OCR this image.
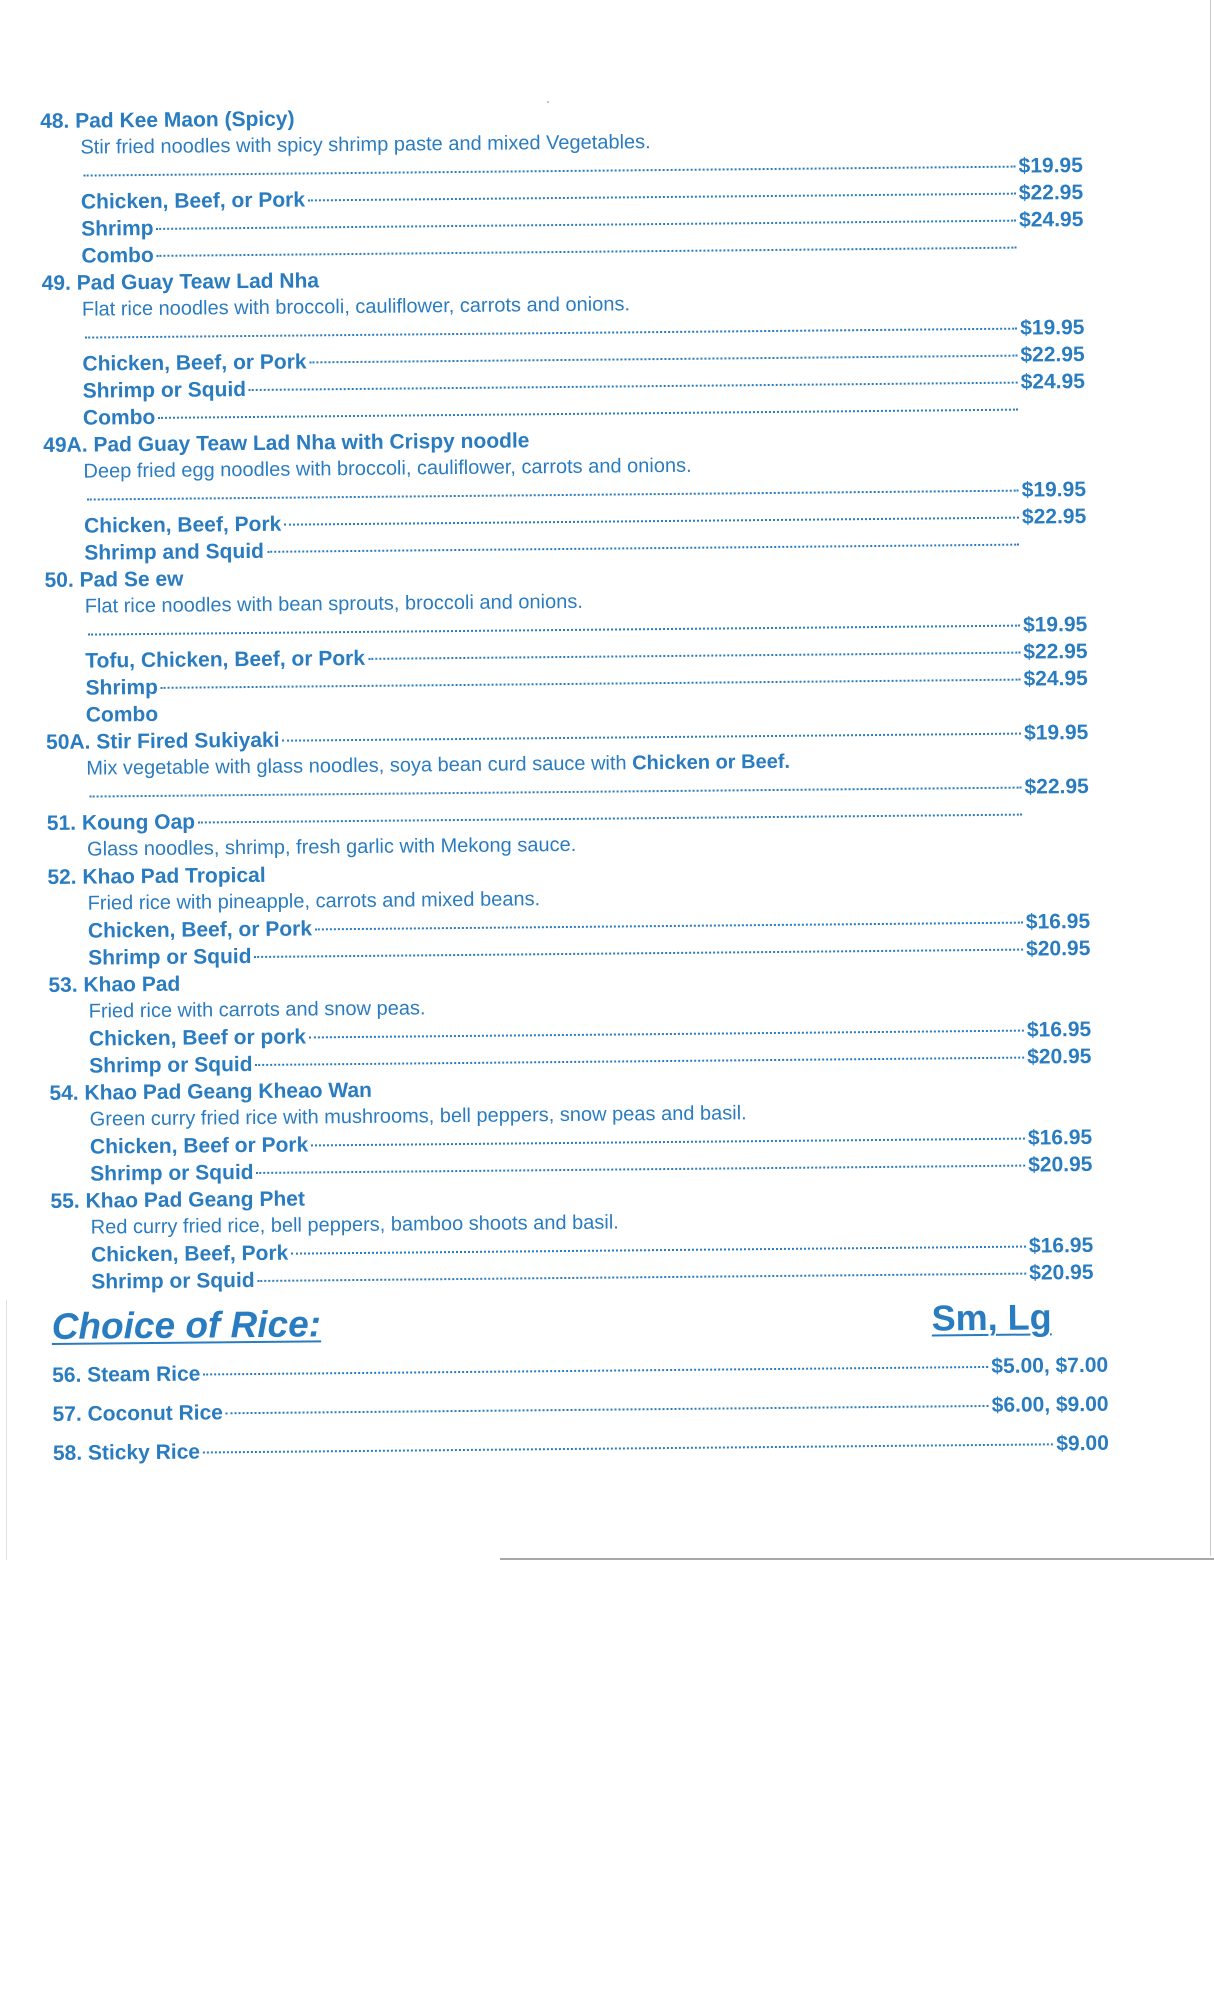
48. Pad Kee Maon (Spicy)
Stir fried noodles with spicy shrimp paste and mixed Vegetables.
$19.95
Chicken, Beef, or Pork	$22.95
Shrimp	$24.95
Combo
49. Pad Guay Teaw Lad Nha
Flat rice noodles with broccoli, cauliflower, carrots and onions.
$19.95
Chicken, Beef, or Pork	$22.95
Shrimp or Squid	$24.95
Combo
49A. Pad Guay Teaw Lad Nha with Crispy noodle
Deep fried egg noodles with broccoli, cauliflower, carrots and onions.
$19.95
Chicken, Beef, Pork	$22.95
Shrimp and Squid
50. Pad Se ew
Flat rice noodles with bean sprouts, broccoli and onions.
$19.95
Tofu, Chicken, Beef, or Pork	$22.95
Shrimp	$24.95
Combo
50A. Stir Fired Sukiyaki	$19.95
Mix vegetable with glass noodles, soya bean curd sauce with Chicken or Beef.
$22.95
51. Koung Oap
Glass noodles, shrimp, fresh garlic with Mekong sauce.
52. Khao Pad Tropical
Fried rice with pineapple, carrots and mixed beans.
Chicken, Beef, or Pork	$16.95
Shrimp or Squid	$20.95
53. Khao Pad
Fried rice with carrots and snow peas.
Chicken, Beef or pork	$16.95
Shrimp or Squid	$20.95
54. Khao Pad Geang Kheao Wan
Green curry fried rice with mushrooms, bell peppers, snow peas and basil.
Chicken, Beef or Pork	$16.95
Shrimp or Squid	$20.95
55. Khao Pad Geang Phet
Red curry fried rice, bell peppers, bamboo shoots and basil.
Chicken, Beef, Pork	$16.95
Shrimp or Squid	$20.95
Choice of Rice:	Sm, Lg
56. Steam Rice	$5.00, $7.00
57. Coconut Rice	$6.00, $9.00
58. Sticky Rice	$9.00
